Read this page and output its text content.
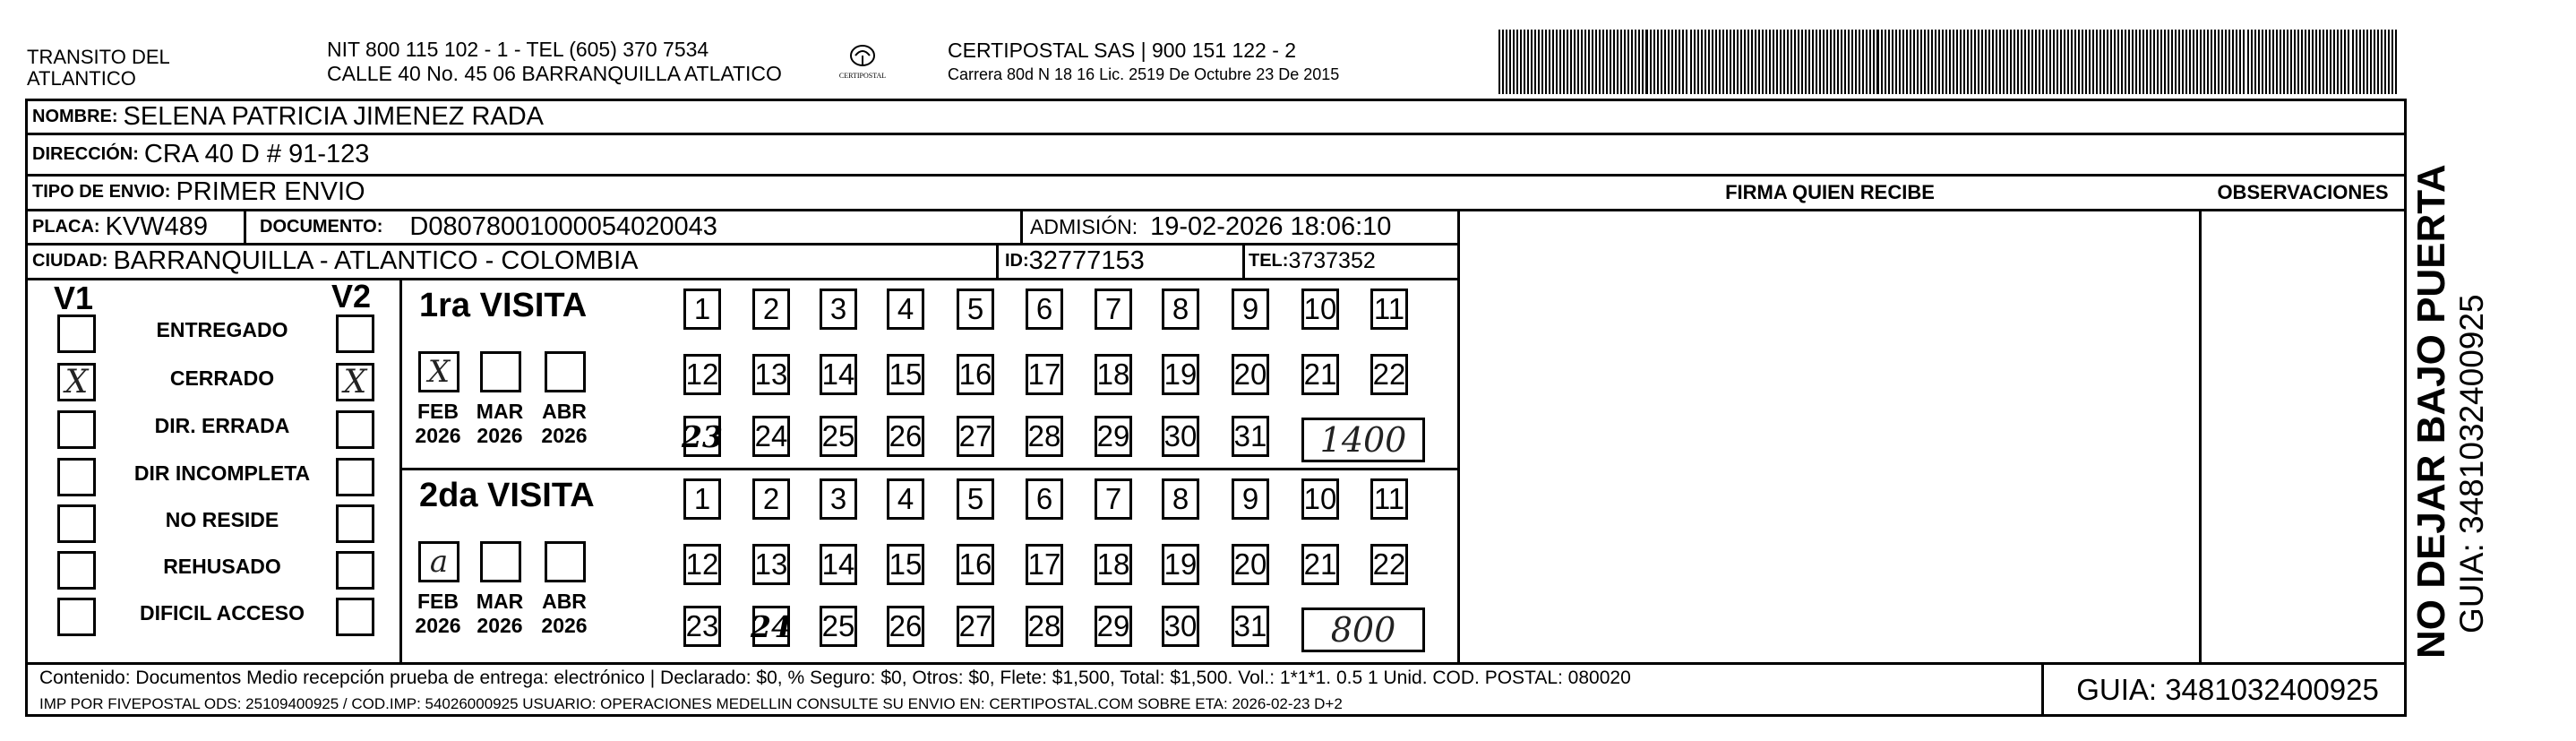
TRANSITO DEL
ATLANTICO
NIT 800 115 102 - 1 - TEL (605) 370 7534
CALLE 40 No. 45 06 BARRANQUILLA ATLATICO	CERTIPOSTAL
CERTIPOSTAL SAS | 900 151 122 - 2
Carrera 80d N 18 16 Lic. 2519 De Octubre 23 De 2015
NOMBRE: SELENA PATRICIA JIMENEZ RADA
DIRECCIÓN: CRA 40 D # 91-123
TIPO DE ENVIO: PRIMER ENVIO	FIRMA QUIEN RECIBE	OBSERVACIONES
PLACA: KVW489	DOCUMENTO: D08078001000054020043	ADMISIÓN: 19-02-2026 18:06:10
CIUDAD: BARRANQUILLA - ATLANTICO - COLOMBIA	ID: 32777153	TEL: 3737352
V1	V2
ENTREGADO
X	CERRADO	X
DIR. ERRADA
DIR INCOMPLETA
NO RESIDE
REHUSADO
DIFICIL ACCESO
1ra VISITA
X
FEB
2026
MAR
2026
ABR
2026
1	2	3	4	5	6	7	8	9	10 11
12 13 14 15 16 17 18 19 20 21 22
23 24 25 26 27 28 29 30 31	1400
2da VISITA
a
FEB
2026
MAR
2026
ABR
2026
1	2	3	4	5	6	7	8	9	10 11
12 13 14 15 16 17 18 19 20 21 22
23 24 25 26 27 28 29 30 31	800
Contenido: Documentos Medio recepción prueba de entrega: electrónico | Declarado: $0, % Seguro: $0, Otros: $0, Flete: $1,500, Total: $1,500. Vol.: 1*1*1. 0.5 1 Unid. COD. POSTAL: 080020
IMP POR FIVEPOSTAL ODS: 25109400925 / COD.IMP: 54026000925 USUARIO: OPERACIONES MEDELLIN CONSULTE SU ENVIO EN: CERTIPOSTAL.COM SOBRE ETA: 2026-02-23 D+2	GUIA: 3481032400925
NO DEJAR BAJO PUERTA GUIA: 3481032400925
